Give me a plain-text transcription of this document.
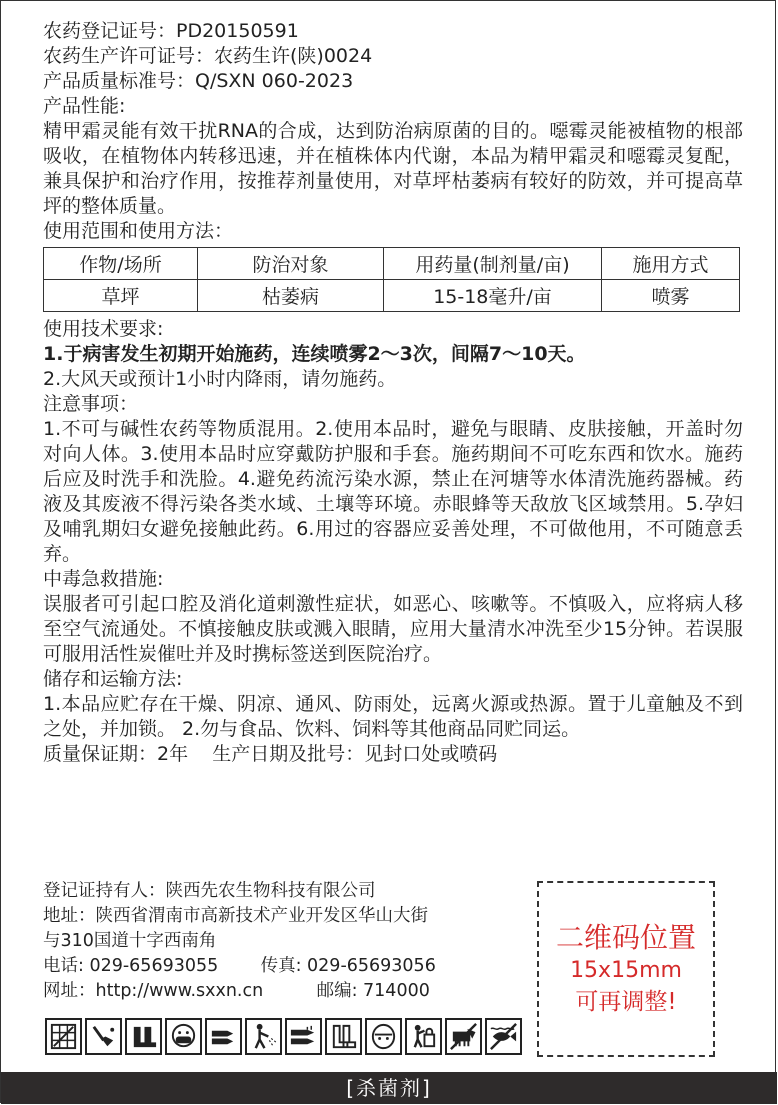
农药登记证号：PD20150591
农药生产许可证号：农药生许(陕)0024
产品质量标准号：Q/SXN 060-2023
产品性能:
精甲霜灵能有效干扰RNA的合成，达到防治病原菌的目的。噁霉灵能被植物的根部吸收，在植物体内转移迅速，并在植株体内代谢，本品为精甲霜灵和噁霉灵复配，兼具保护和治疗作用，按推荐剂量使用，对草坪枯萎病有较好的防效，并可提高草坪的整体质量。
使用范围和使用方法：
作物/场所	防治对象	用药量(制剂量/亩)	施用方式
草坪	枯萎病	15-18毫升/亩	喷雾
使用技术要求:
1.于病害发生初期开始施药，连续喷雾2～3次，间隔7～10天。
2.大风天或预计1小时内降雨，请勿施药。
注意事项：
1.不可与碱性农药等物质混用。2.使用本品时，避免与眼睛、皮肤接触，开盖时勿对向人体。3.使用本品时应穿戴防护服和手套。施药期间不可吃东西和饮水。施药后应及时洗手和洗脸。4.避免药流污染水源，禁止在河塘等水体清洗施药器械。药液及其废液不得污染各类水域、土壤等环境。赤眼蜂等天敌放飞区域禁用。5.孕妇及哺乳期妇女避免接触此药。6.用过的容器应妥善处理，不可做他用，不可随意丢弃。
中毒急救措施:
误服者可引起口腔及消化道刺激性症状，如恶心、咳嗽等。不慎吸入，应将病人移至空气流通处。不慎接触皮肤或溅入眼睛，应用大量清水冲洗至少15分钟。若误服可服用活性炭催吐并及时携标签送到医院治疗。
储存和运输方法:
1.本品应贮存在干燥、阴凉、通风、防雨处，远离火源或热源。置于儿童触及不到之处，并加锁。 2.勿与食品、饮料、饲料等其他商品同贮同运。
质量保证期：2年    生产日期及批号：见封口处或喷码
登记证持有人：陕西先农生物科技有限公司
地址：陕西省渭南市高新技术产业开发区华山大街
与310国道十字西南角
电话: 029-65693055 传真: 029-65693056
网址：http://www.sxxn.cn	邮编: 714000
二维码位置
15x15mm
可再调整!
[杀菌剂]
